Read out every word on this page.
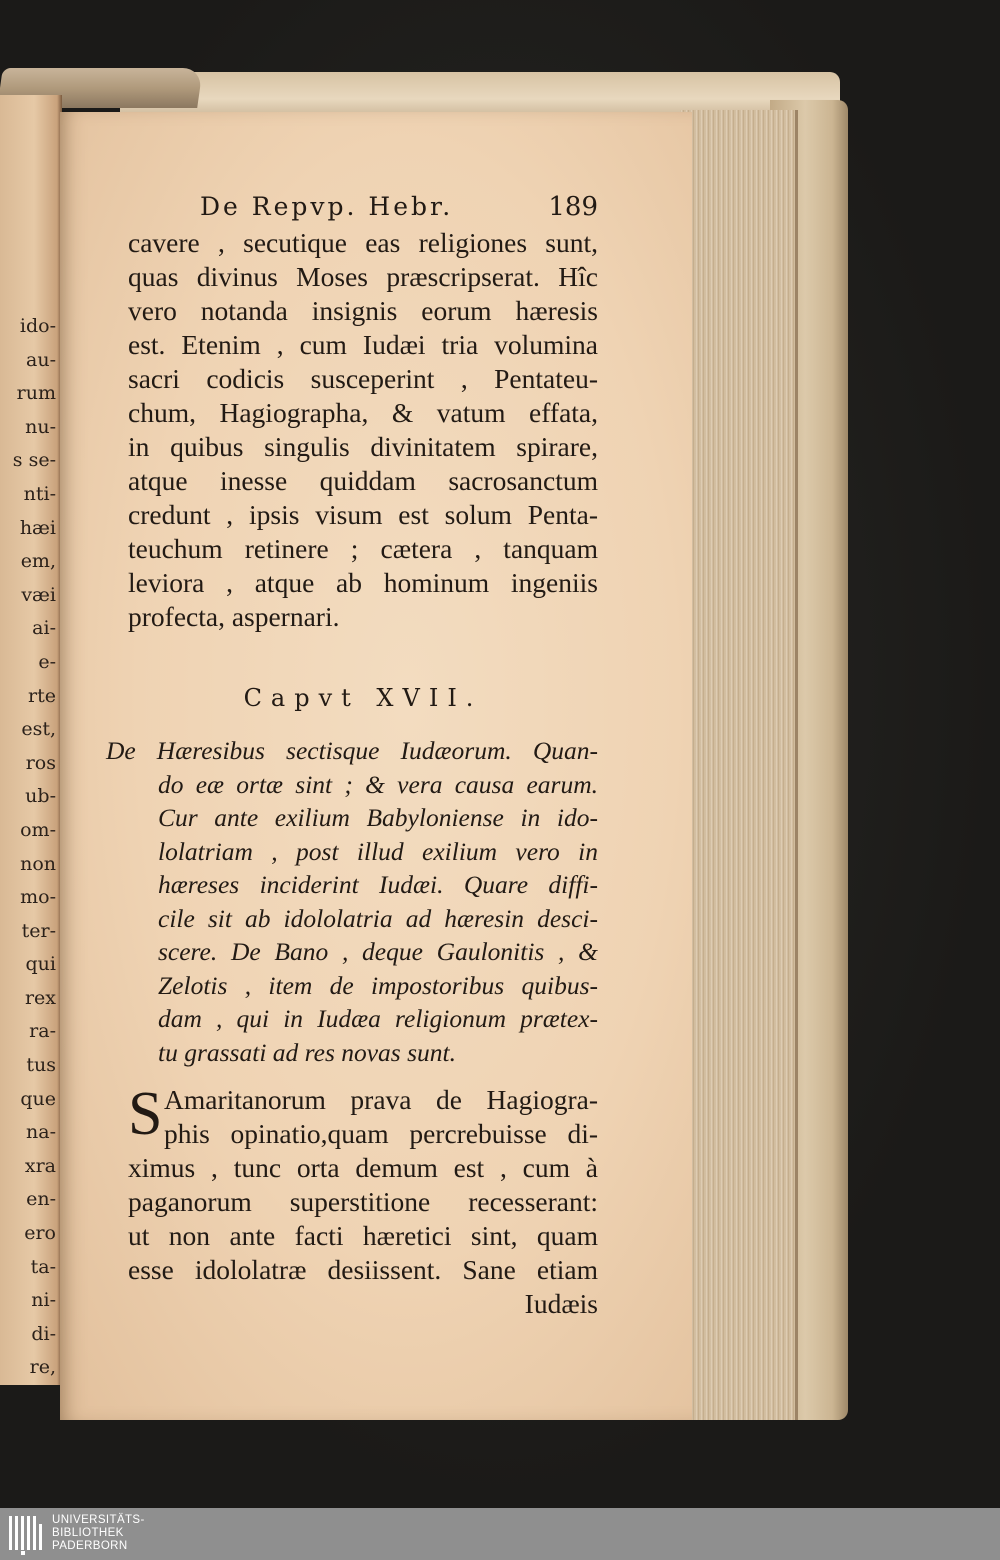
ido-
au-
rum
nu-
s se-
nti-
hæi
em,
væi
ai-
e-
rte
est,
ros
ub-
om-
non
mo-
ter-
qui
rex
ra-
tus
que
na-
xra
en-
ero
ta-
ni-
di-
re,
De Repvp. Hebr.	189
cavere , secutique eas religiones sunt,
quas divinus Moses præscripserat. Hîc
vero notanda insignis eorum hæresis
est. Etenim , cum Iudæi tria volumina
sacri codicis susceperint , Pentateu-
chum, Hagiographa, & vatum effata,
in quibus singulis divinitatem spirare,
atque inesse quiddam sacrosanctum
credunt , ipsis visum est solum Penta-
teuchum retinere ; cætera , tanquam
leviora , atque ab hominum ingeniis
profecta, aspernari.
Capvt XVII.
De Hæresibus sectisque Iudæorum. Quan-
do eæ ortæ sint ; & vera causa earum.
Cur ante exilium Babyloniense in ido-
lolatriam , post illud exilium vero in
hæreses inciderint Iudæi. Quare diffi-
cile sit ab idololatria ad hæresin desci-
scere. De Bano , deque Gaulonitis , &
Zelotis , item de impostoribus quibus-
dam , qui in Iudæa religionum prætex-
tu grassati ad res novas sunt.
S Amaritanorum prava de Hagiogra-
phis opinatio,quam percrebuisse di-
ximus , tunc orta demum est , cum à
paganorum superstitione recesserant:
ut non ante facti hæretici sint, quam
esse idololatræ desiissent. Sane etiam
Iudæis
UNIVERSITÄTS-
BIBLIOTHEK
PADERBORN
